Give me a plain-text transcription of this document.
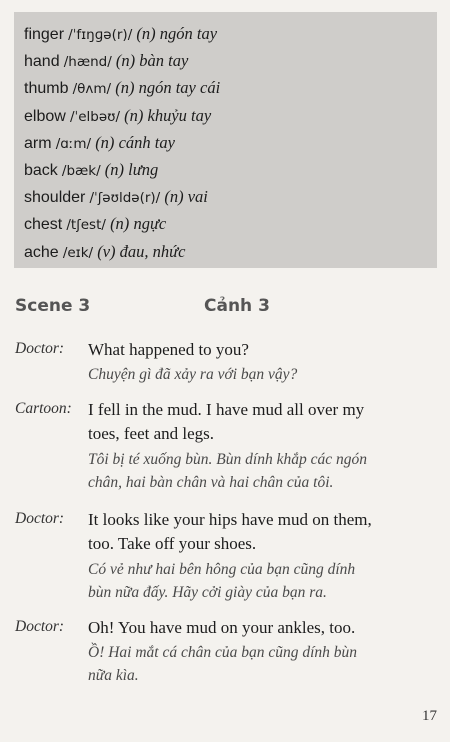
finger /ˈfɪŋɡə(r)/ (n) ngón tay
hand /hænd/ (n) bàn tay
thumb /θʌm/ (n) ngón tay cái
elbow /ˈelbəʊ/ (n) khuỷu tay
arm /ɑːm/ (n) cánh tay
back /bæk/ (n) lưng
shoulder /ˈʃəʊldə(r)/ (n) vai
chest /tʃest/ (n) ngực
ache /eɪk/ (v) đau, nhức
Scene 3	Cảnh 3
Doctor: What happened to you?
Chuyện gì đã xảy ra với bạn vậy?
Cartoon: I fell in the mud. I have mud all over my
toes, feet and legs.
Tôi bị té xuống bùn. Bùn dính khắp các ngón
chân, hai bàn chân và hai chân của tôi.
Doctor: It looks like your hips have mud on them,
too. Take off your shoes.
Có vẻ như hai bên hông của bạn cũng dính
bùn nữa đấy. Hãy cởi giày của bạn ra.
Doctor: Oh! You have mud on your ankles, too.
Ồ! Hai mắt cá chân của bạn cũng dính bùn
nữa kìa.
17
